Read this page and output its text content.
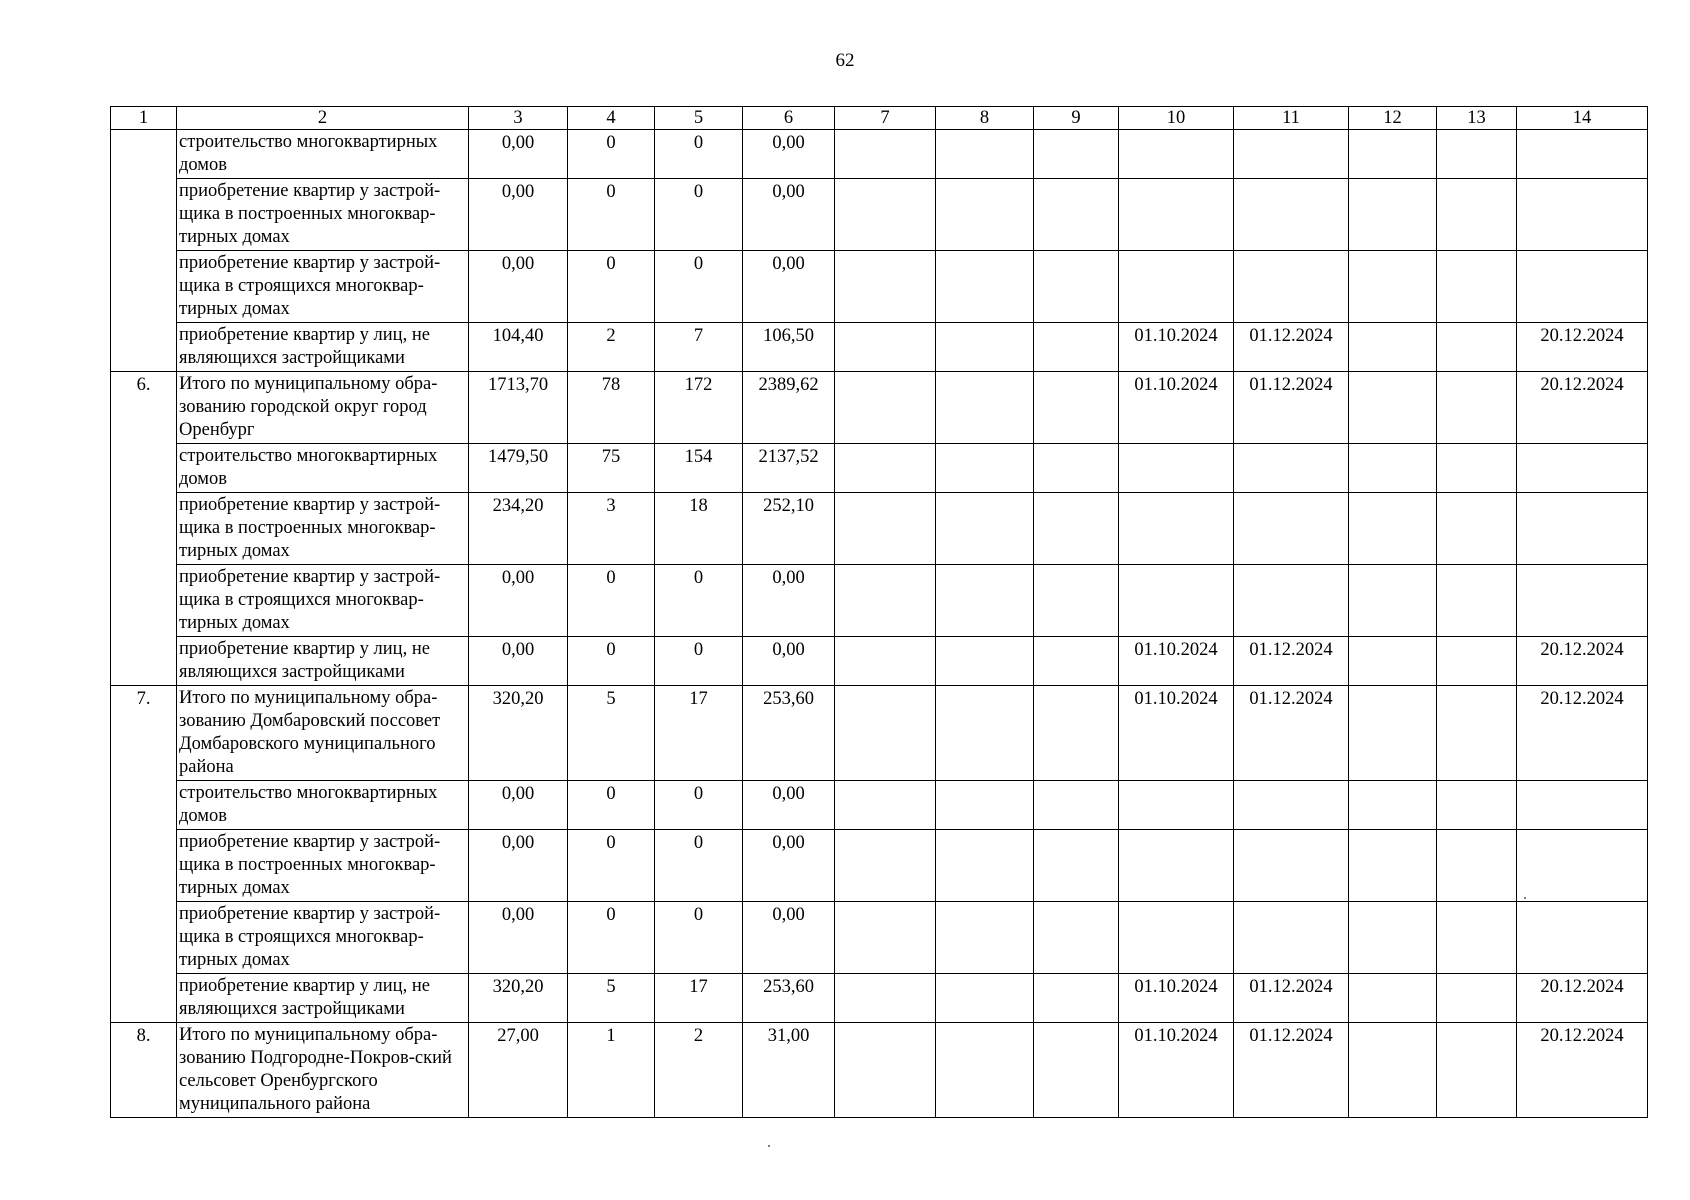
62
1	2	3	4	5	6	7	8	9	10	11	12	13	14
	строительство многоквартирных домов	0,00	0	0	0,00								
	приобретение квартир у застрой-щика в построенных многоквар-тирных домах	0,00	0	0	0,00								
	приобретение квартир у застрой-щика в строящихся многоквар-тирных домах	0,00	0	0	0,00								
	приобретение квартир у лиц, не являющихся застройщиками	104,40	2	7	106,50				01.10.2024	01.12.2024			20.12.2024
6.	Итого по муниципальному обра-зованию городской округ город Оренбург	1713,70	78	172	2389,62				01.10.2024	01.12.2024			20.12.2024
	строительство многоквартирных домов	1479,50	75	154	2137,52								
	приобретение квартир у застрой-щика в построенных многоквар-тирных домах	234,20	3	18	252,10								
	приобретение квартир у застрой-щика в строящихся многоквар-тирных домах	0,00	0	0	0,00								
	приобретение квартир у лиц, не являющихся застройщиками	0,00	0	0	0,00				01.10.2024	01.12.2024			20.12.2024
7.	Итого по муниципальному обра-зованию Домбаровский поссовет Домбаровского муниципального района	320,20	5	17	253,60				01.10.2024	01.12.2024			20.12.2024
	строительство многоквартирных домов	0,00	0	0	0,00								
	приобретение квартир у застрой-щика в построенных многоквар-тирных домах	0,00	0	0	0,00								
	приобретение квартир у застрой-щика в строящихся многоквар-тирных домах	0,00	0	0	0,00								
	приобретение квартир у лиц, не являющихся застройщиками	320,20	5	17	253,60				01.10.2024	01.12.2024			20.12.2024
8.	Итого по муниципальному обра-зованию Подгородне-Покров-ский сельсовет Оренбургского муниципального района	27,00	1	2	31,00				01.10.2024	01.12.2024			20.12.2024
